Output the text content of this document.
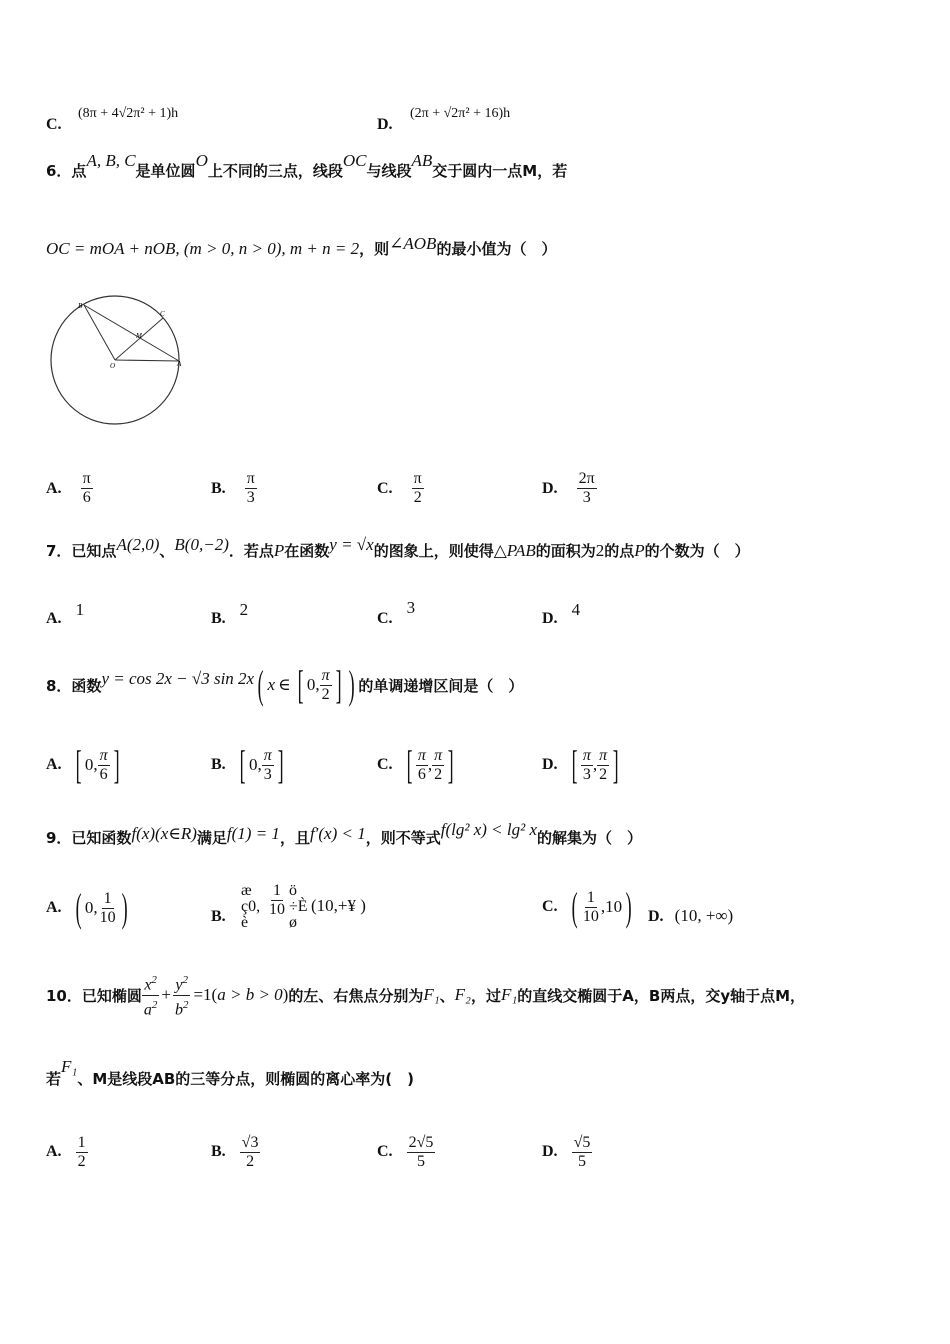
C.
(8π + 4√2π² + 1)h
D.
(2π + √2π² + 16)h
6．点A, B, C是单位圆O上不同的三点，线段OC与线段AB交于圆内一点M，若
OC = mOA + nOB, (m > 0, n > 0), m + n = 2，则∠AOB的最小值为（　）
B
C
M
O	A
A. $\frac{\pi}{6}$	B. $\frac{\pi}{3}$	C. $\frac{\pi}{2}$	D. $\frac{2\pi}{3}$
7．已知点A(2,0)、B(0,−2)．若点P在函数y = √x的图象上，则使得△PAB的面积为2的点P的个数为（　）
A. 1	B. 2	C.3
D. 4
8．函数 y = cos 2x − √3 sin 2x ( x ∈ [ 0, $\frac{\pi}{2}$ ] ) 的单调递增区间是（　）
A. [ 0 , $\frac{\pi}{6}$ ]	B. [ 0 , $\frac{\pi}{3}$ ]	C. [ $\frac{\pi}{6}$ , $\frac{\pi}{2}$ ]	D. [ $\frac{\pi}{3}$ , $\frac{\pi}{2}$ ]
9．已知函数f(x)(x∈R)满足f(1) = 1，且f′(x) < 1，则不等式f(lg² x) < lg² x的解集为（　）
A. ( 0, $\frac{1}{10}$ )	B.
æ
ç0,
è
$\frac{1}{10}$ ö
÷È
ø
(10,+¥ )	C. ( $\frac{1}{10} ,10$ ) D. (10, +∞)
10．已知椭圆 $\frac{x^2}{a^2} + \frac{y^2}{b^2} =1$( a > b > 0 ) 的左、右焦点分别为 F₁ 、 F₂ ，过 F₁ 的直线交椭圆于A，B两点，交y轴于点M，
若F₁、M是线段AB的三等分点，则椭圆的离心率为(　)
A. $\frac{1}{2}$	B. $\frac{√3}{2}$	C. $\frac{2√5}{5}$	D. $\frac{√5}{5}$
